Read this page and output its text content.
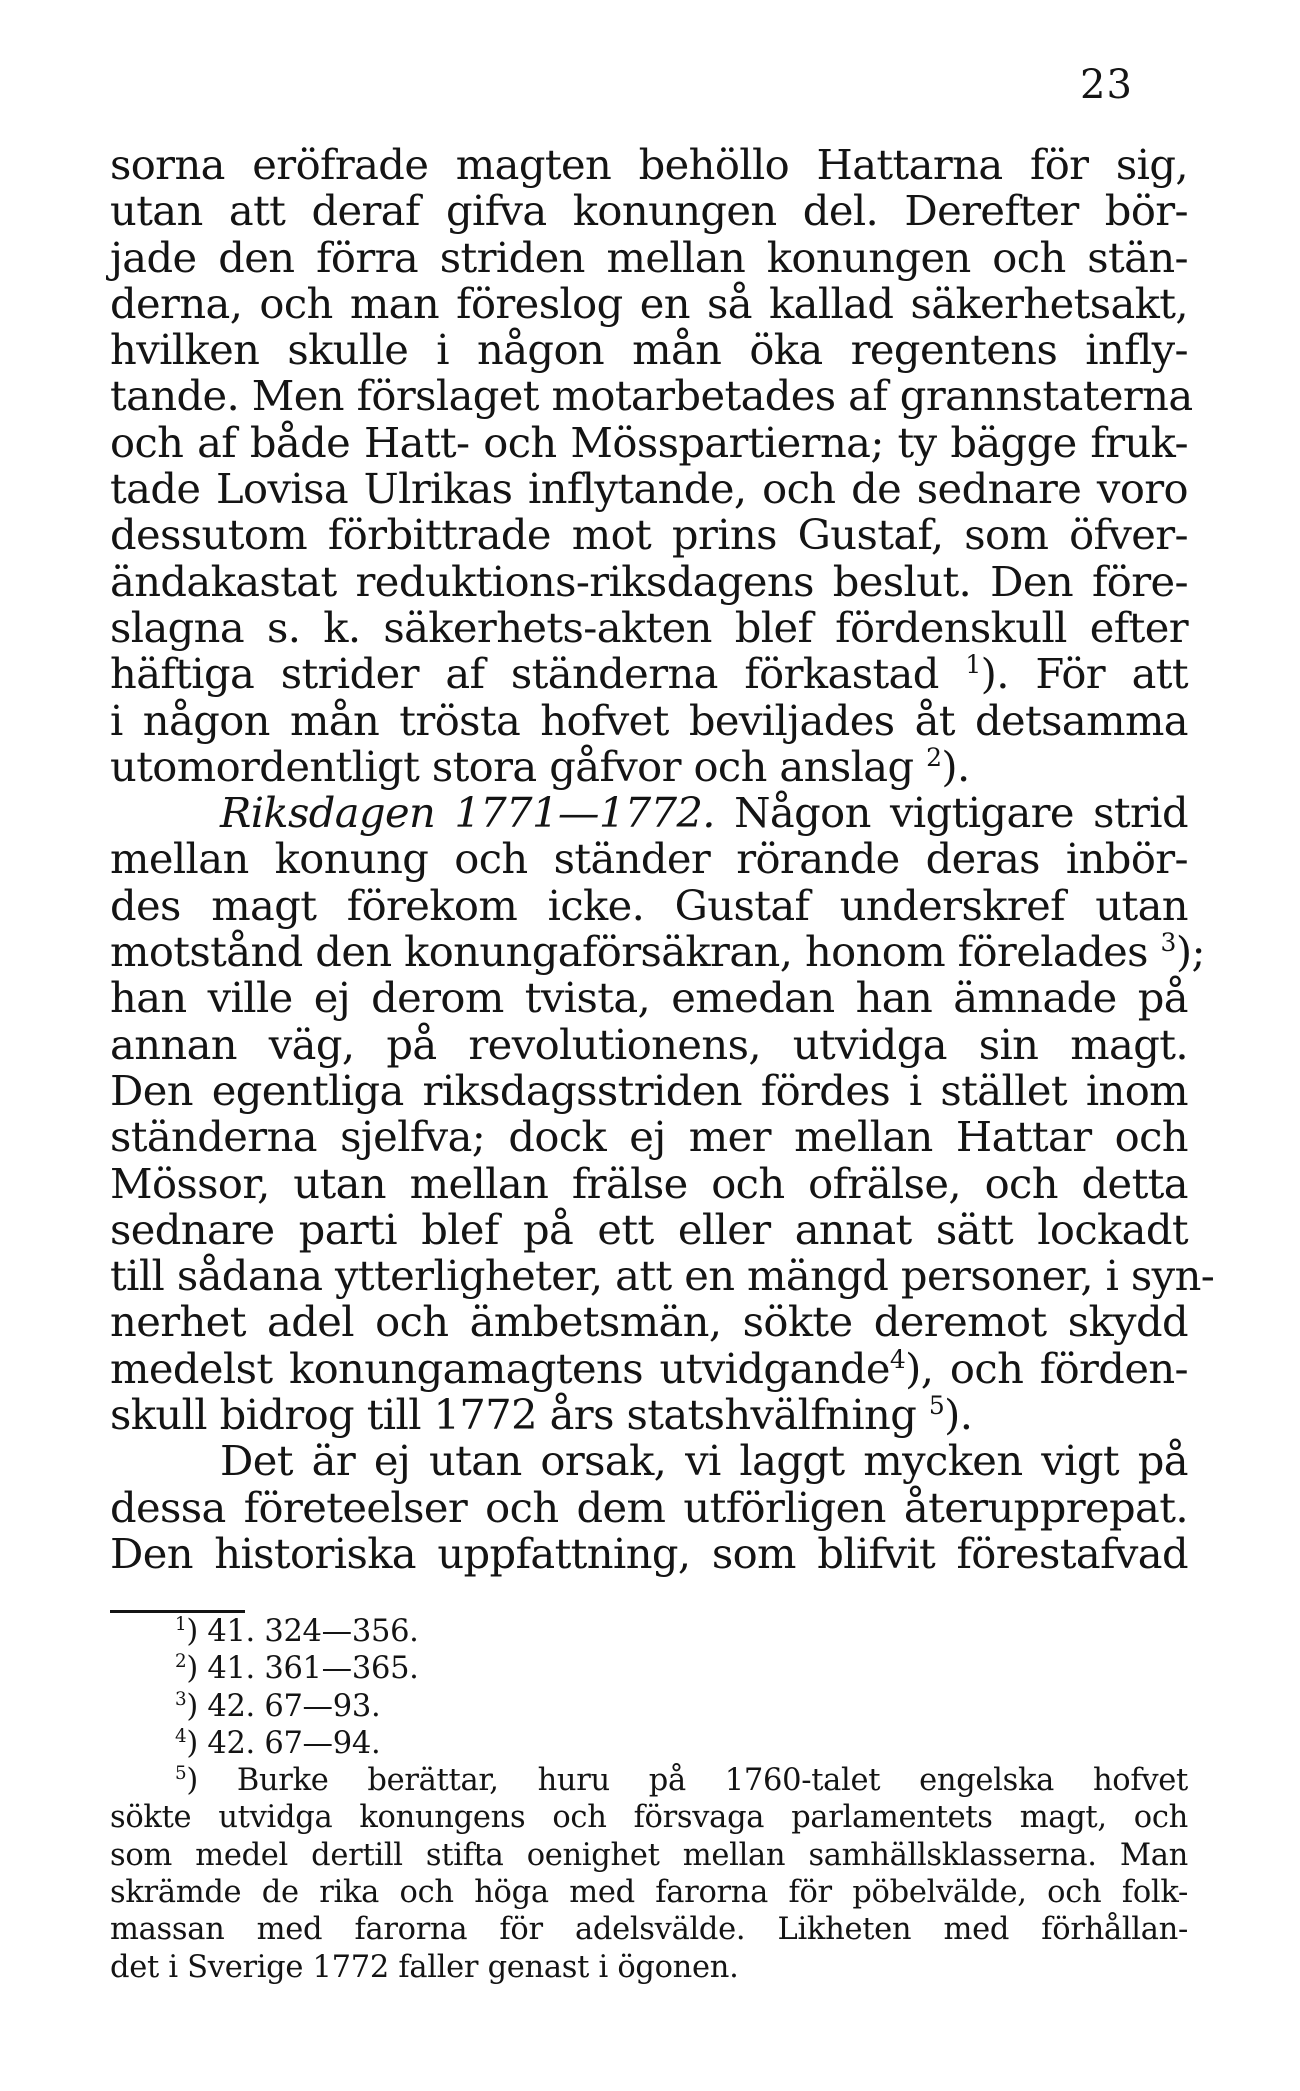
23
sorna eröfrade magten behöllo Hattarna för sig,
utan att deraf gifva konungen del. Derefter bör-
jade den förra striden mellan konungen och stän-
derna, och man föreslog en så kallad säkerhetsakt,
hvilken skulle i någon mån öka regentens infly-
tande. Men förslaget motarbetades af grannstaterna
och af både Hatt- och Mösspartierna; ty bägge fruk-
tade Lovisa Ulrikas inflytande, och de sednare voro
dessutom förbittrade mot prins Gustaf, som öfver-
ändakastat reduktions-riksdagens beslut. Den före-
slagna s. k. säkerhets-akten blef fördenskull efter
häftiga strider af ständerna förkastad $^1$). För att
i någon mån trösta hofvet beviljades åt detsamma
utomordentligt stora gåfvor och anslag $^2$).
Riksdagen 1771—1772. Någon vigtigare strid
mellan konung och ständer rörande deras inbör-
des magt förekom icke. Gustaf underskref utan
motstånd den konungaförsäkran, honom förelades $^3$);
han ville ej derom tvista, emedan han ämnade på
annan väg, på revolutionens, utvidga sin magt.
Den egentliga riksdagsstriden fördes i stället inom
ständerna sjelfva; dock ej mer mellan Hattar och
Mössor, utan mellan frälse och ofrälse, och detta
sednare parti blef på ett eller annat sätt lockadt
till sådana ytterligheter, att en mängd personer, i syn-
nerhet adel och ämbetsmän, sökte deremot skydd
medelst konungamagtens utvidgande$^4$), och förden-
skull bidrog till 1772 års statshvälfning $^5$).
Det är ej utan orsak, vi laggt mycken vigt på
dessa företeelser och dem utförligen återupprepat.
Den historiska uppfattning, som blifvit förestafvad
$^1$) 41. 324—356.
$^2$) 41. 361—365.
$^3$) 42. 67—93.
$^4$) 42. 67—94.
$^5$) Burke berättar, huru på 1760-talet engelska hofvet
sökte utvidga konungens och försvaga parlamentets magt, och
som medel dertill stifta oenighet mellan samhällsklasserna. Man
skrämde de rika och höga med farorna för pöbelvälde, och folk-
massan med farorna för adelsvälde. Likheten med förhållan-
det i Sverige 1772 faller genast i ögonen.
